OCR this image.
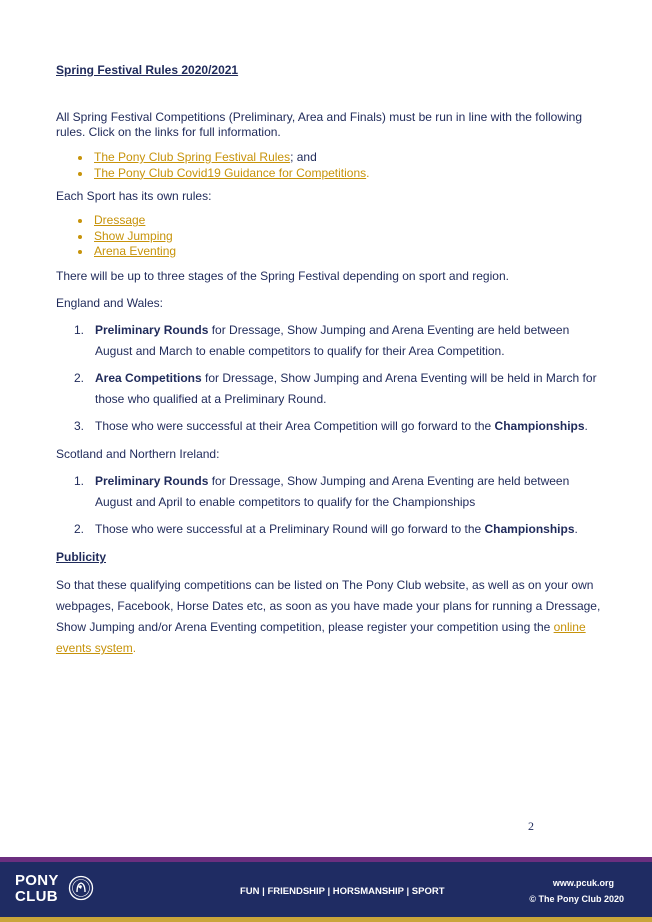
Spring Festival Rules 2020/2021
All Spring Festival Competitions (Preliminary, Area and Finals) must be run in line with the following rules. Click on the links for full information.
The Pony Club Spring Festival Rules; and
The Pony Club Covid19 Guidance for Competitions.
Each Sport has its own rules:
Dressage
Show Jumping
Arena Eventing
There will be up to three stages of the Spring Festival depending on sport and region.
England and Wales:
1. Preliminary Rounds for Dressage, Show Jumping and Arena Eventing are held between August and March to enable competitors to qualify for their Area Competition.
2. Area Competitions for Dressage, Show Jumping and Arena Eventing will be held in March for those who qualified at a Preliminary Round.
3. Those who were successful at their Area Competition will go forward to the Championships.
Scotland and Northern Ireland:
1. Preliminary Rounds for Dressage, Show Jumping and Arena Eventing are held between August and April to enable competitors to qualify for the Championships
2. Those who were successful at a Preliminary Round will go forward to the Championships.
Publicity
So that these qualifying competitions can be listed on The Pony Club website, as well as on your own webpages, Facebook, Horse Dates etc, as soon as you have made your plans for running a Dressage, Show Jumping and/or Arena Eventing competition, please register your competition using the online events system.
2
PONY
CLUB	FUN | FRIENDSHIP | HORSMANSHIP | SPORT
www.pcuk.org
© The Pony Club 2020
